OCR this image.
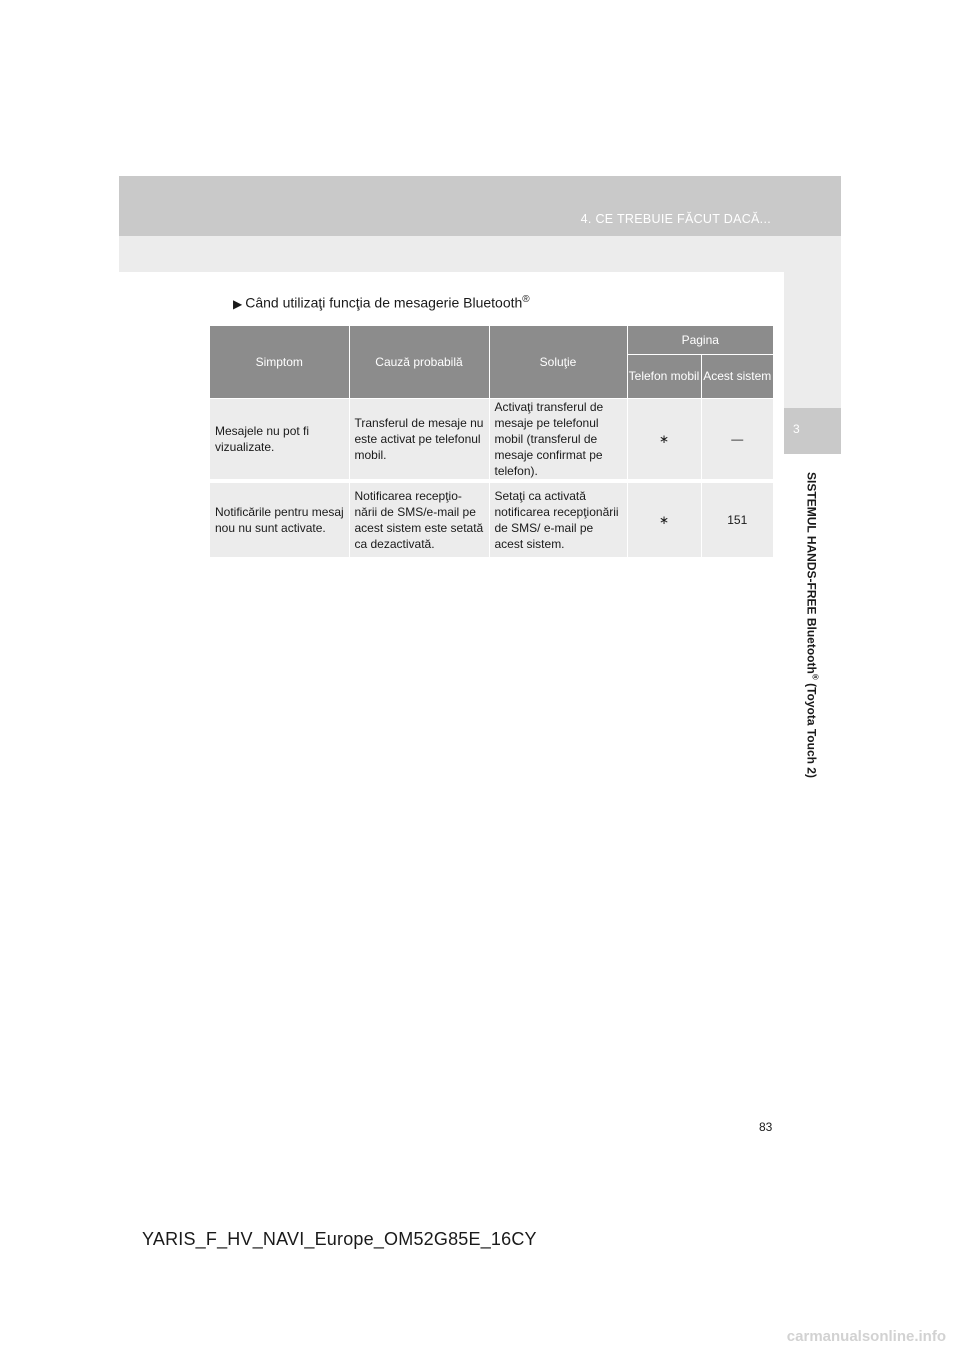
4. CE TREBUIE FĂCUT DACĂ...
3
SISTEMUL HANDS-FREE Bluetooth® (Toyota Touch 2)
▶ Când utilizaţi funcţia de mesagerie Bluetooth®
Simptom	Cauză probabilă	Soluţie	Pagina	
			Telefon mobil	Acest sistem
Mesajele nu pot fi vizualizate.	Transferul de mesaje nu este activat pe telefonul mobil.	Activaţi transferul de mesaje pe telefonul mobil (transferul de mesaje confirmat pe telefon).	∗	—
Notificările pentru mesaj nou nu sunt activate.	Notificarea recepţio-nării de SMS/e-mail pe acest sistem este setată ca dezactivată.	Setaţi ca activată notificarea recepţionării de SMS/ e-mail pe acest sistem.	∗	151
83
YARIS_F_HV_NAVI_Europe_OM52G85E_16CY
carmanualsonline.info
